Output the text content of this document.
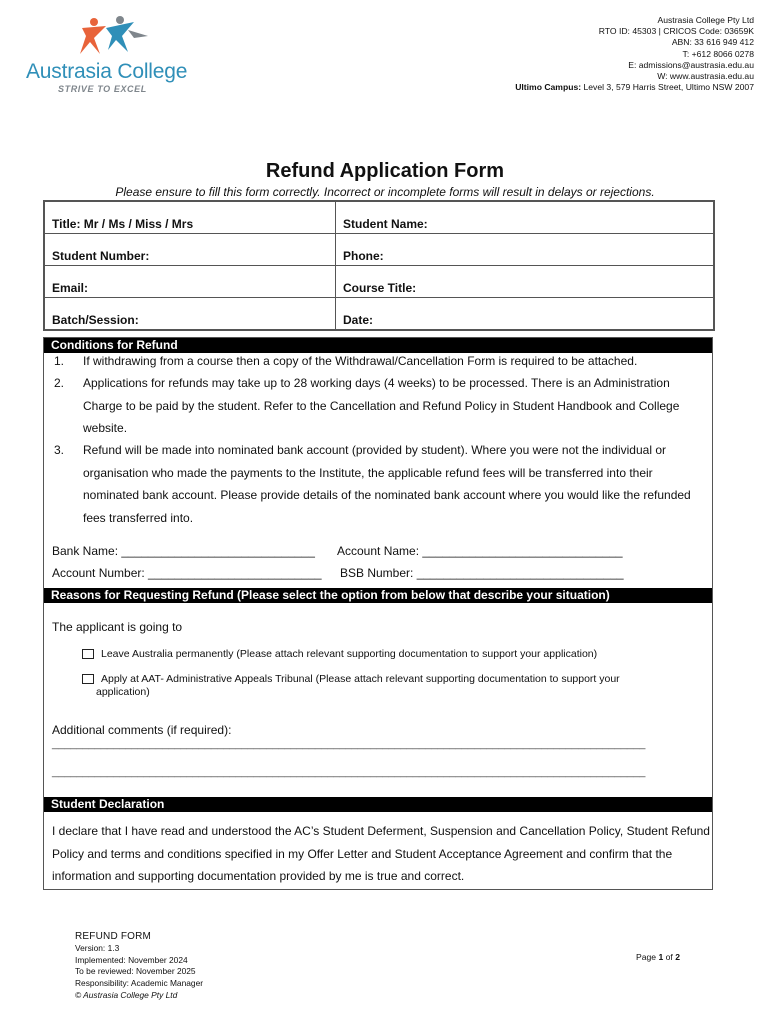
Austrasia College
STRIVE TO EXCEL
Austrasia College Pty Ltd
RTO ID: 45303 | CRICOS Code: 03659K
ABN: 33 616 949 412
T: +612 8066 0278
E: admissions@austrasia.edu.au
W: www.austrasia.edu.au
Ultimo Campus: Level 3, 579 Harris Street, Ultimo NSW 2007
Refund Application Form
Please ensure to fill this form correctly. Incorrect or incomplete forms will result in delays or rejections.
Title: Mr / Ms / Miss / Mrs	Student Name:
Student Number:	Phone:
Email:	Course Title:
Batch/Session:	Date:
Conditions for Refund
1.	If withdrawing from a course then a copy of the Withdrawal/Cancellation Form is required to be attached.
2.	Applications for refunds may take up to 28 working days (4 weeks) to be processed. There is an Administration Charge to be paid by the student. Refer to the Cancellation and Refund Policy in Student Handbook and College website.
3.	Refund will be made into nominated bank account (provided by student). Where you were not the individual or organisation who made the payments to the Institute, the applicable refund fees will be transferred into their nominated bank account. Please provide details of the nominated bank account where you would like the refunded fees transferred into.
Bank Name: _____________________________ Account Name: ______________________________
Account Number: __________________________ BSB Number: _______________________________
Reasons for Requesting Refund (Please select the option from below that describe your situation)
The applicant is going to
Leave Australia permanently (Please attach relevant supporting documentation to support your application)
Apply at AAT- Administrative Appeals Tribunal (Please attach relevant supporting documentation to support your
application)
Additional comments (if required):
_________________________________________________________________________________________________
_________________________________________________________________________________________________
Student Declaration
I declare that I have read and understood the AC’s Student Deferment, Suspension and Cancellation Policy, Student Refund Policy and terms and conditions specified in my Offer Letter and Student Acceptance Agreement and confirm that the information and supporting documentation provided by me is true and correct.
REFUND FORM
Version: 1.3
Implemented: November 2024
To be reviewed: November 2025
Responsibility: Academic Manager
© Austrasia College Pty Ltd
Page 1 of 2
